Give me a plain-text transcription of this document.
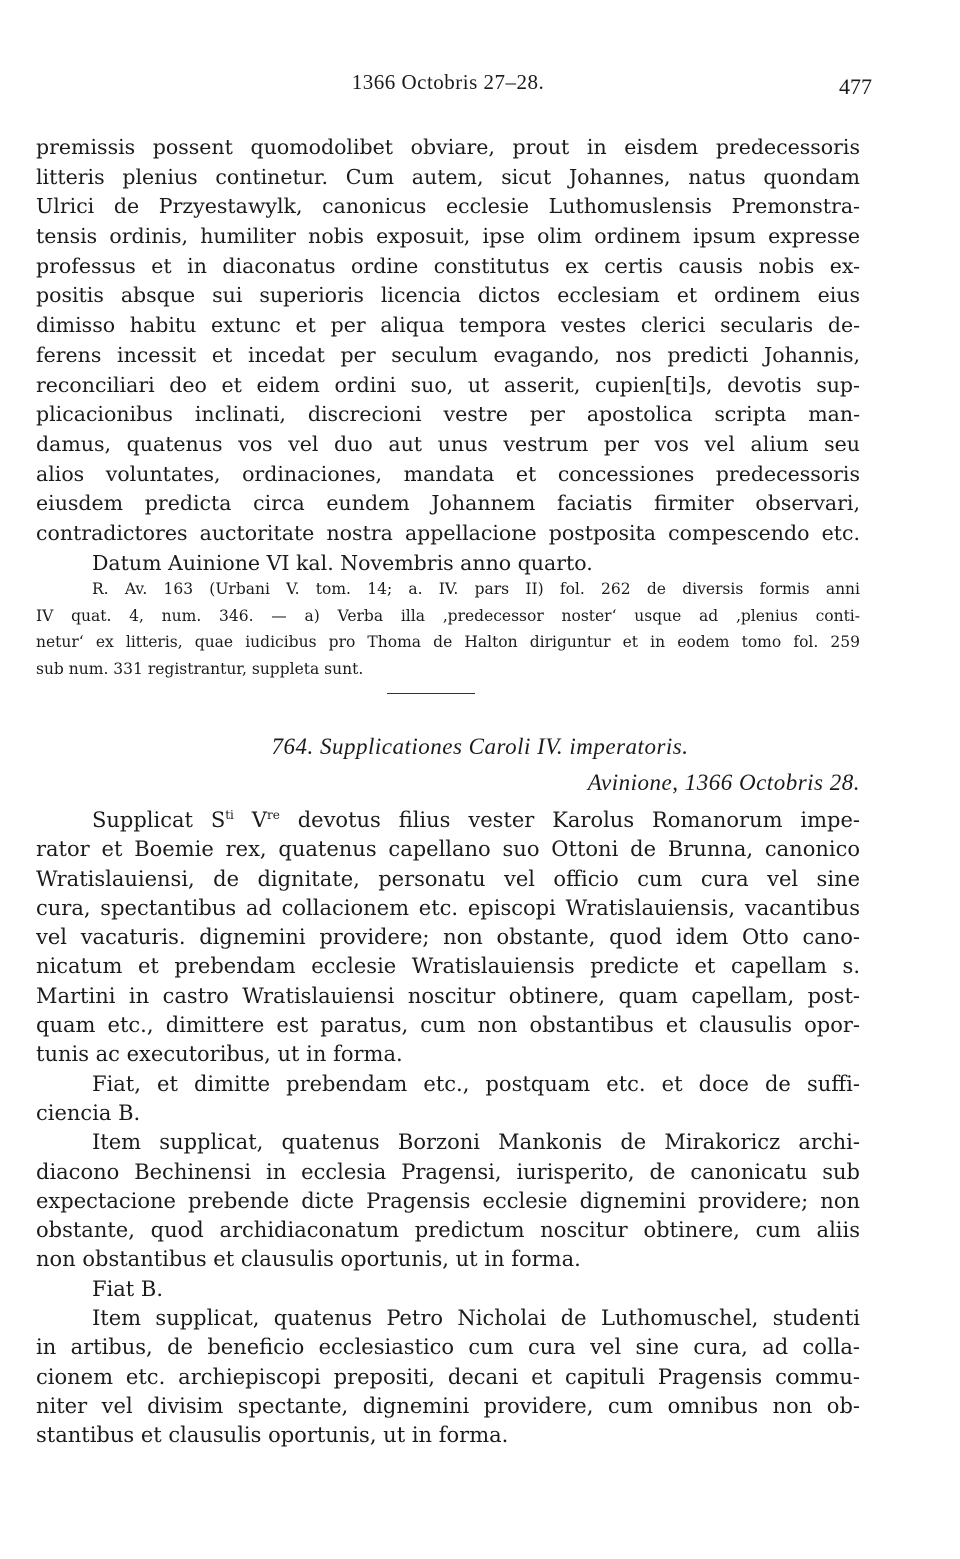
1366 Octobris 27–28.	477
premissis possent quomodolibet obviare, prout in eisdem predecessoris
litteris plenius continetur. Cum autem, sicut Johannes, natus quondam
Ulrici de Przyestawylk, canonicus ecclesie Luthomuslensis Premonstra-
tensis ordinis, humiliter nobis exposuit, ipse olim ordinem ipsum expresse
professus et in diaconatus ordine constitutus ex certis causis nobis ex-
positis absque sui superioris licencia dictos ecclesiam et ordinem eius
dimisso habitu extunc et per aliqua tempora vestes clerici secularis de-
ferens incessit et incedat per seculum evagando, nos predicti Johannis,
reconciliari deo et eidem ordini suo, ut asserit, cupien[ti]s, devotis sup-
plicacionibus inclinati, discrecioni vestre per apostolica scripta man-
damus, quatenus vos vel duo aut unus vestrum per vos vel alium seu
alios voluntates, ordinaciones, mandata et concessiones predecessoris
eiusdem predicta circa eundem Johannem faciatis firmiter observari,
contradictores auctoritate nostra appellacione postposita compescendo etc.
Datum Auinione VI kal. Novembris anno quarto.
R. Av. 163 (Urbani V. tom. 14; a. IV. pars II) fol. 262 de diversis formis anni
IV quat. 4, num. 346. — a) Verba illa ‚predecessor noster‘ usque ad ‚plenius conti-
netur‘ ex litteris, quae iudicibus pro Thoma de Halton diriguntur et in eodem tomo fol. 259
sub num. 331 registrantur, suppleta sunt.
764. Supplicationes Caroli IV. imperatoris.
Avinione, 1366 Octobris 28.
Supplicat $S^{ti}$ Vre devotus filius vester Karolus Romanorum impe-
rator et Boemie rex, quatenus capellano suo Ottoni de Brunna, canonico
Wratislauiensi, de dignitate, personatu vel officio cum cura vel sine
cura, spectantibus ad collacionem etc. episcopi Wratislauiensis, vacantibus
vel vacaturis. dignemini providere; non obstante, quod idem Otto cano-
nicatum et prebendam ecclesie Wratislauiensis predicte et capellam s.
Martini in castro Wratislauiensi noscitur obtinere, quam capellam, post-
quam etc., dimittere est paratus, cum non obstantibus et clausulis opor-
tunis ac executoribus, ut in forma.
Fiat, et dimitte prebendam etc., postquam etc. et doce de suffi-
ciencia B.
Item supplicat, quatenus Borzoni Mankonis de Mirakoricz archi-
diacono Bechinensi in ecclesia Pragensi, iurisperito, de canonicatu sub
expectacione prebende dicte Pragensis ecclesie dignemini providere; non
obstante, quod archidiaconatum predictum noscitur obtinere, cum aliis
non obstantibus et clausulis oportunis, ut in forma.
Fiat B.
Item supplicat, quatenus Petro Nicholai de Luthomuschel, studenti
in artibus, de beneficio ecclesiastico cum cura vel sine cura, ad colla-
cionem etc. archiepiscopi prepositi, decani et capituli Pragensis commu-
niter vel divisim spectante, dignemini providere, cum omnibus non ob-
stantibus et clausulis oportunis, ut in forma.
